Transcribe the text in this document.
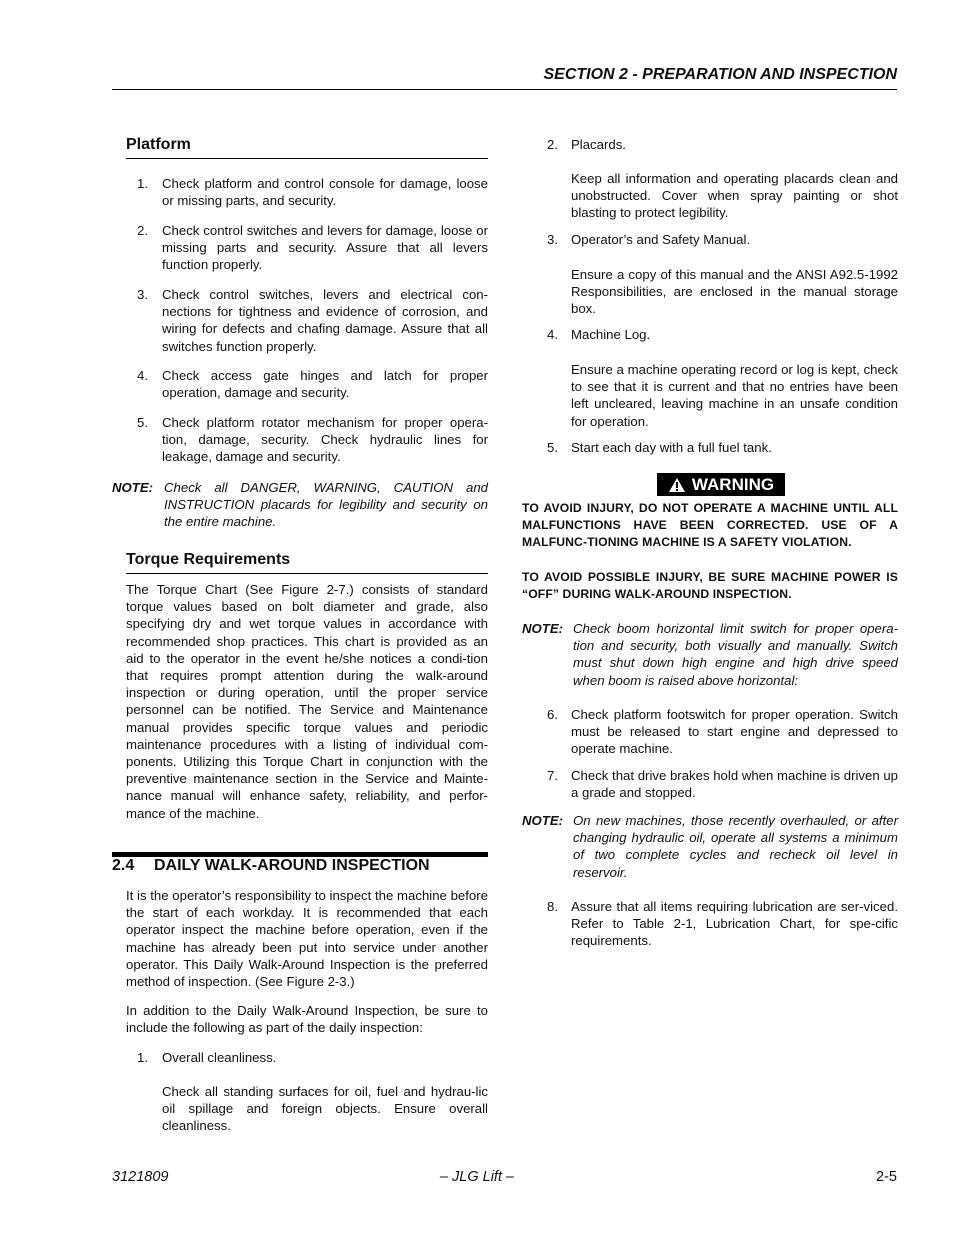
SECTION 2 - PREPARATION AND INSPECTION
Platform
1. Check platform and control console for damage, loose or missing parts, and security.
2. Check control switches and levers for damage, loose or missing parts and security. Assure that all levers function properly.
3. Check control switches, levers and electrical con-nections for tightness and evidence of corrosion, and wiring for defects and chafing damage. Assure that all switches function properly.
4. Check access gate hinges and latch for proper operation, damage and security.
5. Check platform rotator mechanism for proper opera-tion, damage, security. Check hydraulic lines for leakage, damage and security.
NOTE: Check all DANGER, WARNING, CAUTION and INSTRUCTION placards for legibility and security on the entire machine.
Torque Requirements

The Torque Chart (See Figure 2-7.) consists of standard torque values based on bolt diameter and grade, also specifying dry and wet torque values in accordance with recommended shop practices. This chart is provided as an aid to the operator in the event he/she notices a condi-tion that requires prompt attention during the walk-around inspection or during operation, until the proper service personnel can be notified. The Service and Maintenance manual provides specific torque values and periodic maintenance procedures with a listing of individual com-ponents. Utilizing this Torque Chart in conjunction with the preventive maintenance section in the Service and Mainte-nance manual will enhance safety, reliability, and perfor-mance of the machine.

2.4 DAILY WALK-AROUND INSPECTION

It is the operator’s responsibility to inspect the machine before the start of each workday. It is recommended that each operator inspect the machine before operation, even if the machine has already been put into service under another operator. This Daily Walk-Around Inspection is the preferred method of inspection. (See Figure 2-3.)

In addition to the Daily Walk-Around Inspection, be sure to include the following as part of the daily inspection:

1. Overall cleanliness.
Check all standing surfaces for oil, fuel and hydrau-lic oil spillage and foreign objects. Ensure overall cleanliness.
2. Placards.
Keep all information and operating placards clean and unobstructed. Cover when spray painting or shot blasting to protect legibility.
3. Operator’s and Safety Manual.
Ensure a copy of this manual and the ANSI A92.5-1992 Responsibilities, are enclosed in the manual storage box.
4. Machine Log.
Ensure a machine operating record or log is kept, check to see that it is current and that no entries have been left uncleared, leaving machine in an unsafe condition for operation.
5. Start each day with a full fuel tank.
WARNING
TO AVOID INJURY, DO NOT OPERATE A MACHINE UNTIL ALL MALFUNCTIONS HAVE BEEN CORRECTED. USE OF A MALFUNC-TIONING MACHINE IS A SAFETY VIOLATION.
TO AVOID POSSIBLE INJURY, BE SURE MACHINE POWER IS “OFF” DURING WALK-AROUND INSPECTION.
NOTE: Check boom horizontal limit switch for proper opera-tion and security, both visually and manually. Switch must shut down high engine and high drive speed when boom is raised above horizontal:
6. Check platform footswitch for proper operation. Switch must be released to start engine and depressed to operate machine.
7. Check that drive brakes hold when machine is driven up a grade and stopped.
NOTE: On new machines, those recently overhauled, or after changing hydraulic oil, operate all systems a minimum of two complete cycles and recheck oil level in reservoir.
8. Assure that all items requiring lubrication are ser-viced. Refer to Table 2-1, Lubrication Chart, for spe-cific requirements.
3121809	– JLG Lift –	2-5
